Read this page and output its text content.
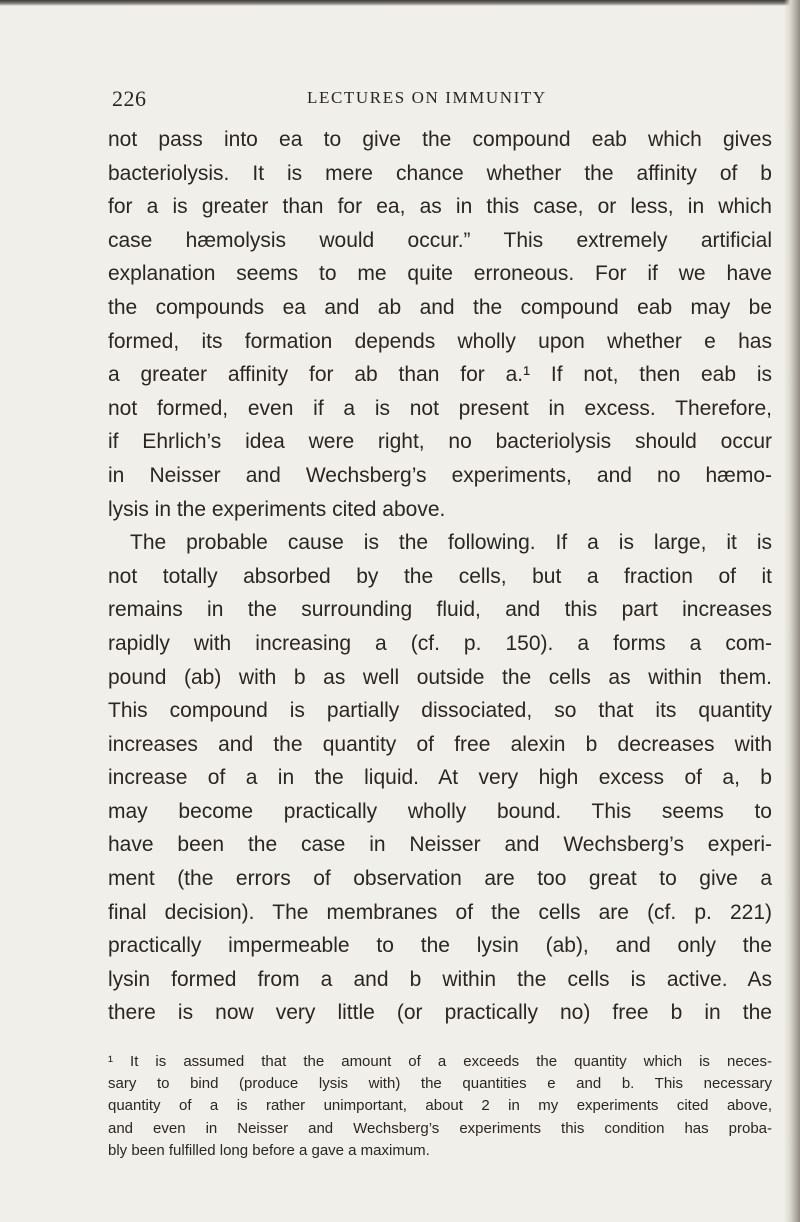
226	LECTURES ON IMMUNITY
not pass into ea to give the compound eab which gives
bacteriolysis. It is mere chance whether the affinity of b
for a is greater than for ea, as in this case, or less, in which
case hæmolysis would occur.” This extremely artificial
explanation seems to me quite erroneous. For if we have
the compounds ea and ab and the compound eab may be
formed, its formation depends wholly upon whether e has
a greater affinity for ab than for a.¹ If not, then eab is
not formed, even if a is not present in excess. Therefore,
if Ehrlich’s idea were right, no bacteriolysis should occur
in Neisser and Wechsberg’s experiments, and no hæmo-
lysis in the experiments cited above.
The probable cause is the following. If a is large, it is
not totally absorbed by the cells, but a fraction of it
remains in the surrounding fluid, and this part increases
rapidly with increasing a (cf. p. 150). a forms a com-
pound (ab) with b as well outside the cells as within them.
This compound is partially dissociated, so that its quantity
increases and the quantity of free alexin b decreases with
increase of a in the liquid. At very high excess of a, b
may become practically wholly bound. This seems to
have been the case in Neisser and Wechsberg’s experi-
ment (the errors of observation are too great to give a
final decision). The membranes of the cells are (cf. p. 221)
practically impermeable to the lysin (ab), and only the
lysin formed from a and b within the cells is active. As
there is now very little (or practically no) free b in the
¹ It is assumed that the amount of a exceeds the quantity which is neces-
sary to bind (produce lysis with) the quantities e and b. This necessary
quantity of a is rather unimportant, about 2 in my experiments cited above,
and even in Neisser and Wechsberg’s experiments this condition has proba-
bly been fulfilled long before a gave a maximum.
